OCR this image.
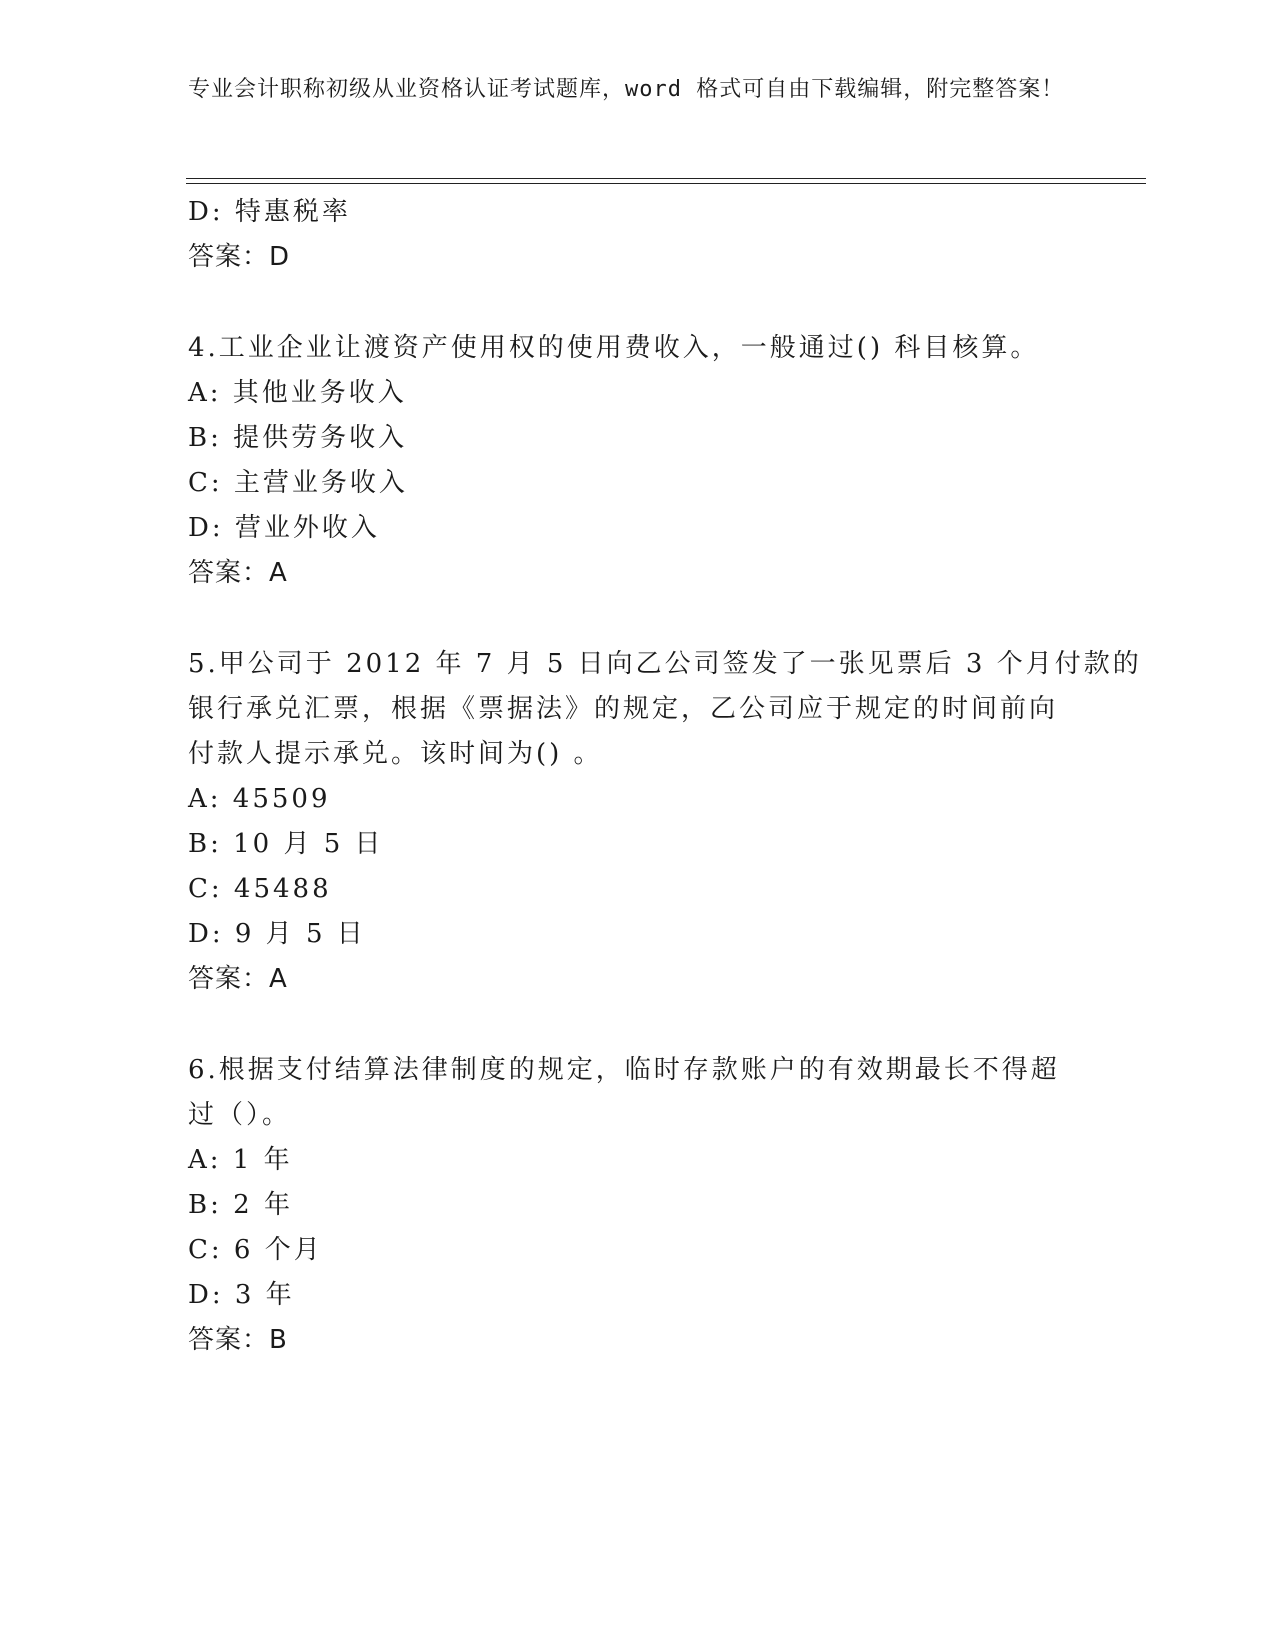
专业会计职称初级从业资格认证考试题库，word 格式可自由下载编辑，附完整答案！
D: 特惠税率
答案：D
4.工业企业让渡资产使用权的使用费收入，一般通过() 科目核算。
A: 其他业务收入
B: 提供劳务收入
C: 主营业务收入
D: 营业外收入
答案：A
5.甲公司于 2012 年 7 月 5 日向乙公司签发了一张见票后 3 个月付款的
银行承兑汇票，根据《票据法》的规定，乙公司应于规定的时间前向
付款人提示承兑。该时间为() 。
A: 45509
B: 10 月 5 日
C: 45488
D: 9 月 5 日
答案：A
6.根据支付结算法律制度的规定，临时存款账户的有效期最长不得超
过（）。
A: 1 年
B: 2 年
C: 6 个月
D: 3 年
答案：B
